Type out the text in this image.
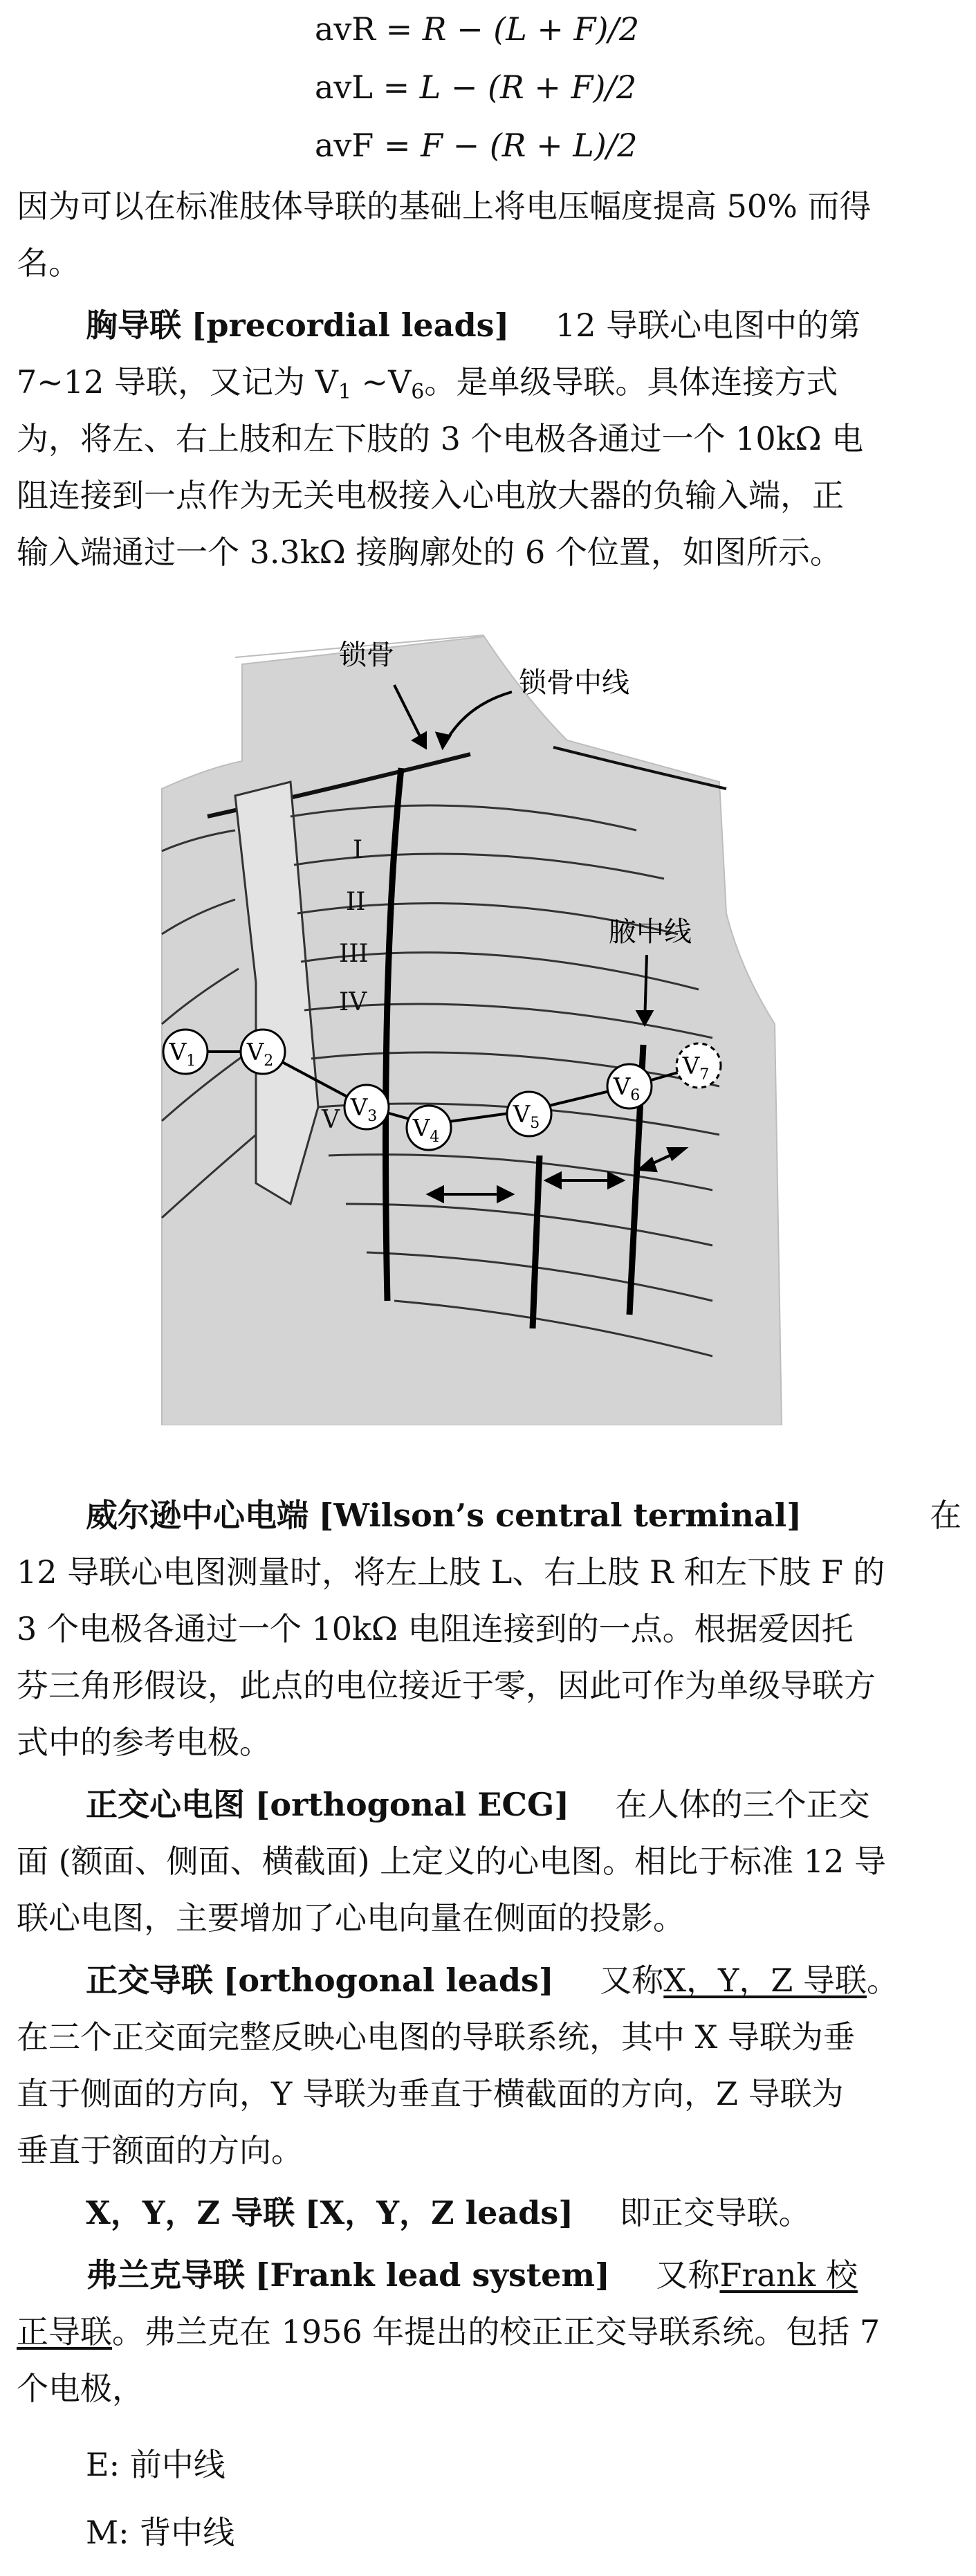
avR = R − (L + F)/2
avL = L − (R + F)/2
avF = F − (R + L)/2
因为可以在标准肢体导联的基础上将电压幅度提高 50% 而得
名。
胸导联 [precordial leads] 12 导联心电图中的第
7~12 导联，又记为 $V_1$ $\sim V_6$。是单级导联。具体连接方式
为，将左、右上肢和左下肢的 3 个电极各通过一个 10kΩ 电
阻连接到一点作为无关电极接入心电放大器的负输入端，正
输入端通过一个 3.3kΩ 接胸廓处的 6 个位置，如图所示。
锁骨
锁骨中线
腋中线
I
II
III
IV
V
$V_1$ $V_2$
$V_3$ $V_4$
$V_5$
$V_6$
$V_7$
威尔逊中心电端 [Wilson’s central terminal]	在
12 导联心电图测量时，将左上肢 L、右上肢 R 和左下肢 F 的
3 个电极各通过一个 10kΩ 电阻连接到的一点。根据爱因托
芬三角形假设，此点的电位接近于零，因此可作为单级导联方
式中的参考电极。
正交心电图 [orthogonal ECG] 在人体的三个正交
面 (额面、侧面、横截面) 上定义的心电图。相比于标准 12 导
联心电图，主要增加了心电向量在侧面的投影。
正交导联 [orthogonal leads] 又称X，Y，Z 导联。
在三个正交面完整反映心电图的导联系统，其中 X 导联为垂
直于侧面的方向，Y 导联为垂直于横截面的方向，Z 导联为
垂直于额面的方向。
X，Y，Z 导联 [X，Y，Z leads] 即正交导联。
弗兰克导联 [Frank lead system] 又称Frank 校
正导联。弗兰克在 1956 年提出的校正正交导联系统。包括 7
个电极，
E: 前中线
M: 背中线
